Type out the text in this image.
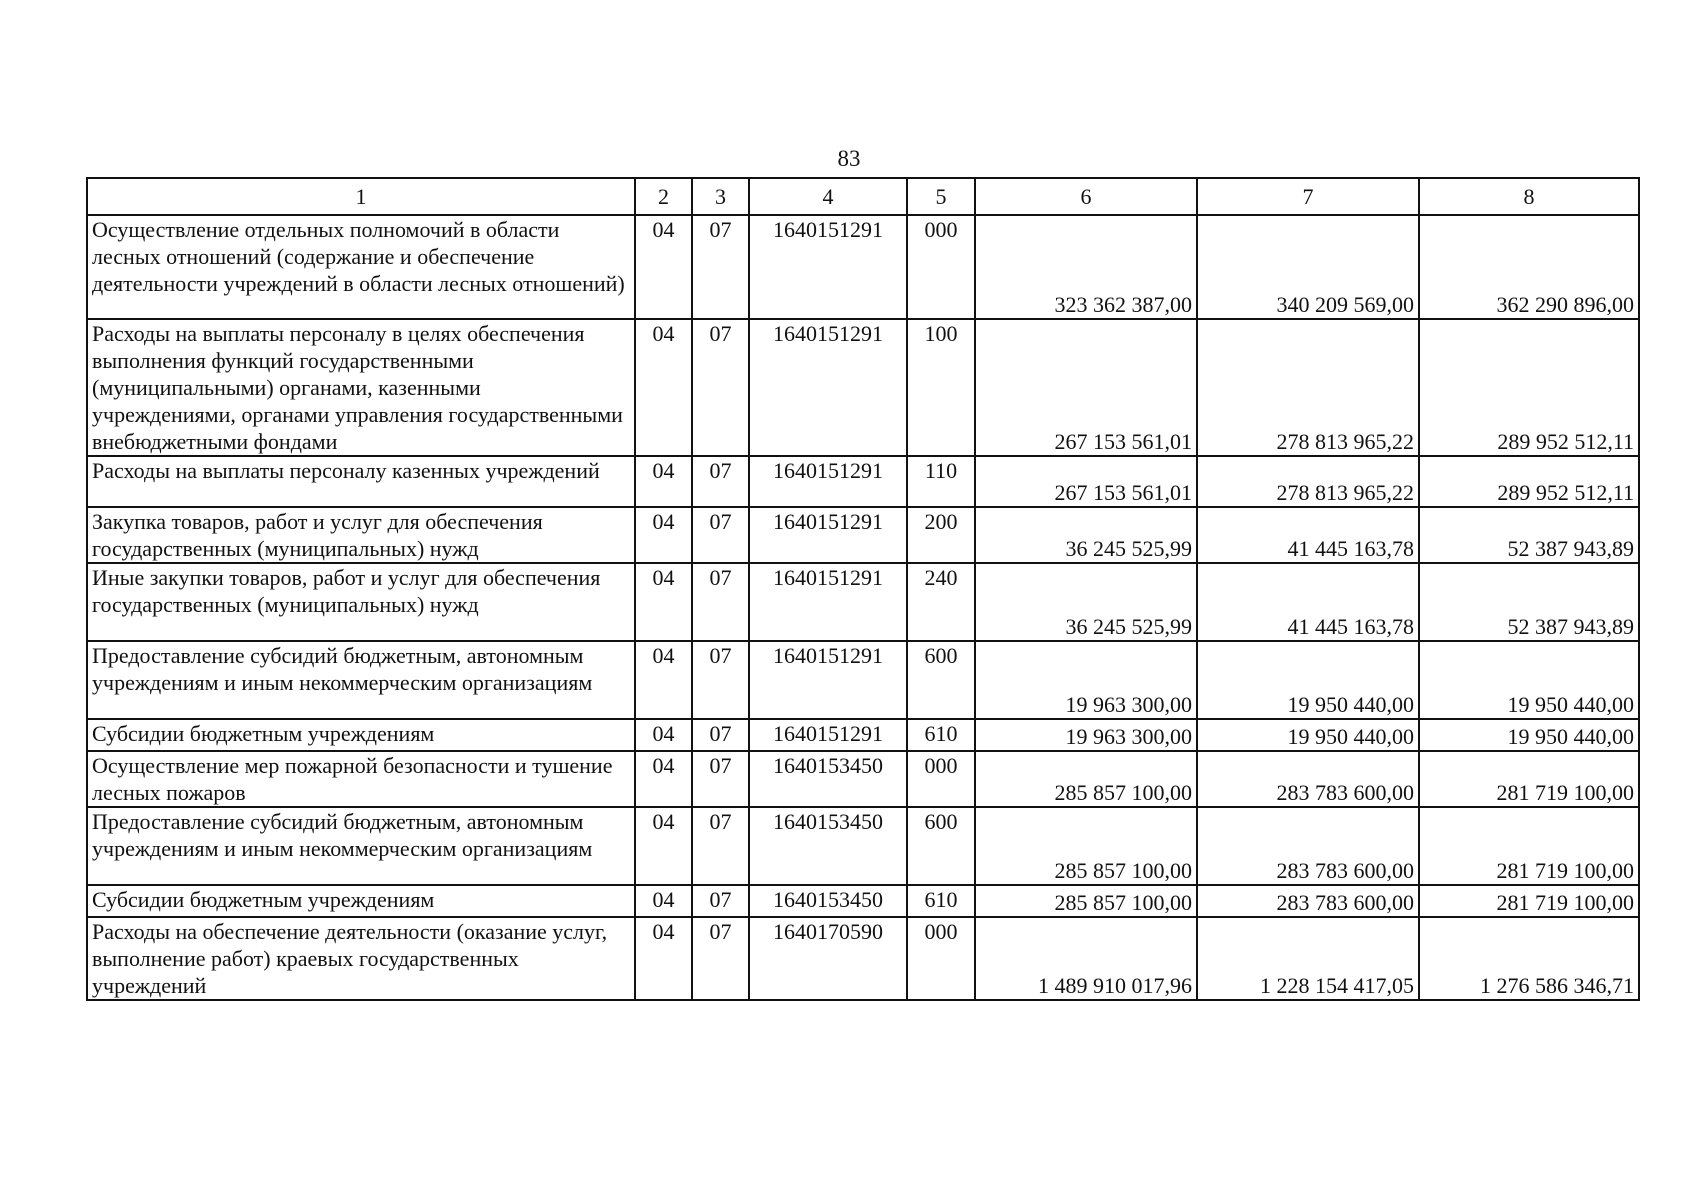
83
1	2	3	4	5	6	7	8
Осуществление отдельных полномочий в области лесных отношений (содержание и обеспечение деятельности учреждений в области лесных отношений)	04	07	1640151291	000	323 362 387,00	340 209 569,00	362 290 896,00
Расходы на выплаты персоналу в целях обеспечения выполнения функций государственными (муниципальными) органами, казенными учреждениями, органами управления государственными внебюджетными фондами	04	07	1640151291	100	267 153 561,01	278 813 965,22	289 952 512,11
Расходы на выплаты персоналу казенных учреждений	04	07	1640151291	110	267 153 561,01	278 813 965,22	289 952 512,11
Закупка товаров, работ и услуг для обеспечения государственных (муниципальных) нужд	04	07	1640151291	200	36 245 525,99	41 445 163,78	52 387 943,89
Иные закупки товаров, работ и услуг для обеспечения государственных (муниципальных) нужд	04	07	1640151291	240	36 245 525,99	41 445 163,78	52 387 943,89
Предоставление субсидий бюджетным, автономным учреждениям и иным некоммерческим организациям	04	07	1640151291	600	19 963 300,00	19 950 440,00	19 950 440,00
Субсидии бюджетным учреждениям	04	07	1640151291	610	19 963 300,00	19 950 440,00	19 950 440,00
Осуществление мер пожарной безопасности и тушение лесных пожаров	04	07	1640153450	000	285 857 100,00	283 783 600,00	281 719 100,00
Предоставление субсидий бюджетным, автономным учреждениям и иным некоммерческим организациям	04	07	1640153450	600	285 857 100,00	283 783 600,00	281 719 100,00
Субсидии бюджетным учреждениям	04	07	1640153450	610	285 857 100,00	283 783 600,00	281 719 100,00
Расходы на обеспечение деятельности (оказание услуг, выполнение работ) краевых государственных учреждений	04	07	1640170590	000	1 489 910 017,96	1 228 154 417,05	1 276 586 346,71
